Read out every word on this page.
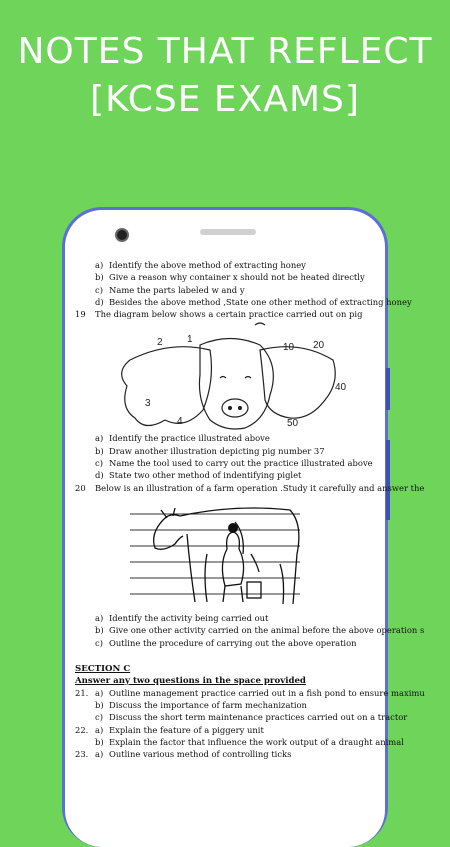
NOTES THAT REFLECT
[KCSE EXAMS]
a) Identify the above method of extracting honey
b) Give a reason why container x should not be heated directly
c) Name the parts labeled w and y
d) Besides the above method ,State one other method of extracting honey
19 The diagram below shows a certain practice carried out on pig
2 1
10 20
3
4	50
40
a) Identify the practice illustrated above
b) Draw another illustration depicting pig number 37
c) Name the tool used to carry out the practice illustrated above
d) State two other method of indentifying piglet
20 Below is an illustration of a farm operation .Study it carefully and answer the
a) Identify the activity being carried out
b) Give one other activity carried on the animal before the above operation s
c) Outline the procedure of carrying out the above operation
SECTION C
Answer any two questions in the space provided
21. a) Outline management practice carried out in a fish pond to ensure maximu
b) Discuss the importance of farm mechanization
c) Discuss the short term maintenance practices carried out on a tractor
22. a) Explain the feature of a piggery unit
b) Explain the factor that influence the work output of a draught animal
23. a) Outline various method of controlling ticks
